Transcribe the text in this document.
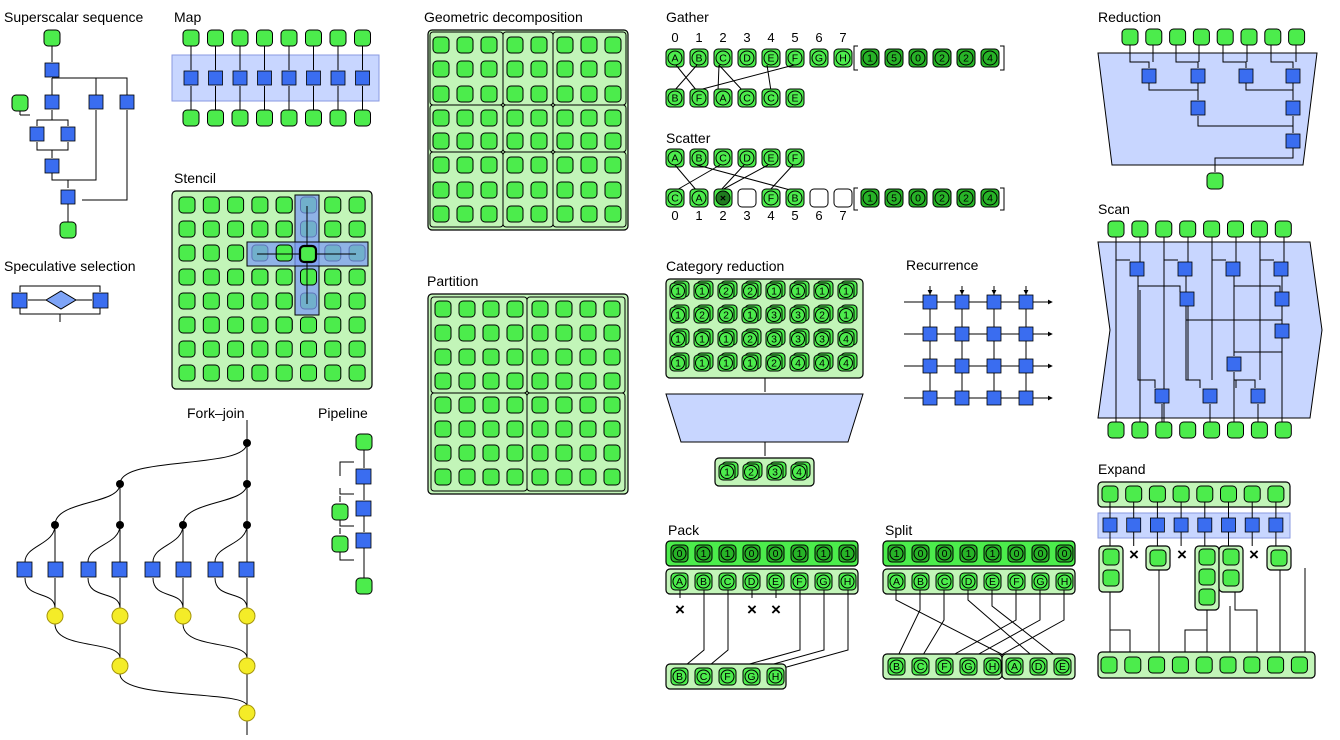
Superscalar sequence Map	Geometric decomposition	Gather	Reduction
Stencil
Speculative selection
Partition
Scatter
Category reduction	Recurrence
Scan
Fork–join	Pipeline
Pack	Split
Expand
0 1 2 3 4 5 6 7
A B C D E F G H 1 5 0 2 2 4
B F A C C E
A B C D E F
C A ×	F B	1 5 0 2 2 4
0 1 2 3 4 5 6 7
1 1 2 2 1 1 1 1
1 2 2 1 3 3 2 1
1 1 1 2 3 3 3 4
1 1 1 1 2 4 4 4
1 2 3 4
0 1 1 0 0 1 1 1
A B C D E F G H
×	× ×
B C F G H
1 0 0 1 1 0 0 0
A B C D E F G H
B C F G H A D E
× ×	×
